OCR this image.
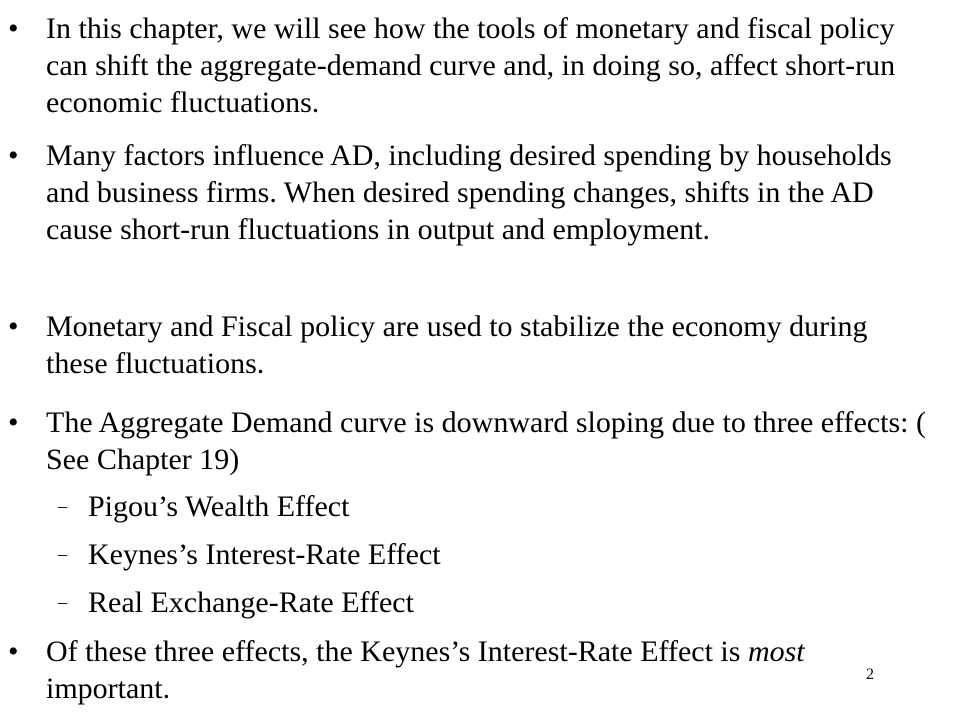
• In this chapter, we will see how the tools of monetary and fiscal policy can shift the aggregate-demand curve and, in doing so, affect short-run economic fluctuations.
• Many factors influence AD, including desired spending by households and business firms. When desired spending changes, shifts in the AD cause short-run fluctuations in output and employment.
• Monetary and Fiscal policy are used to stabilize the economy during these fluctuations.
• The Aggregate Demand curve is downward sloping due to three effects: ( See Chapter 19)
– Pigou’s Wealth Effect
– Keynes’s Interest-Rate Effect
– Real Exchange-Rate Effect
• Of these three effects, the Keynes’s Interest-Rate Effect is most important.	2
